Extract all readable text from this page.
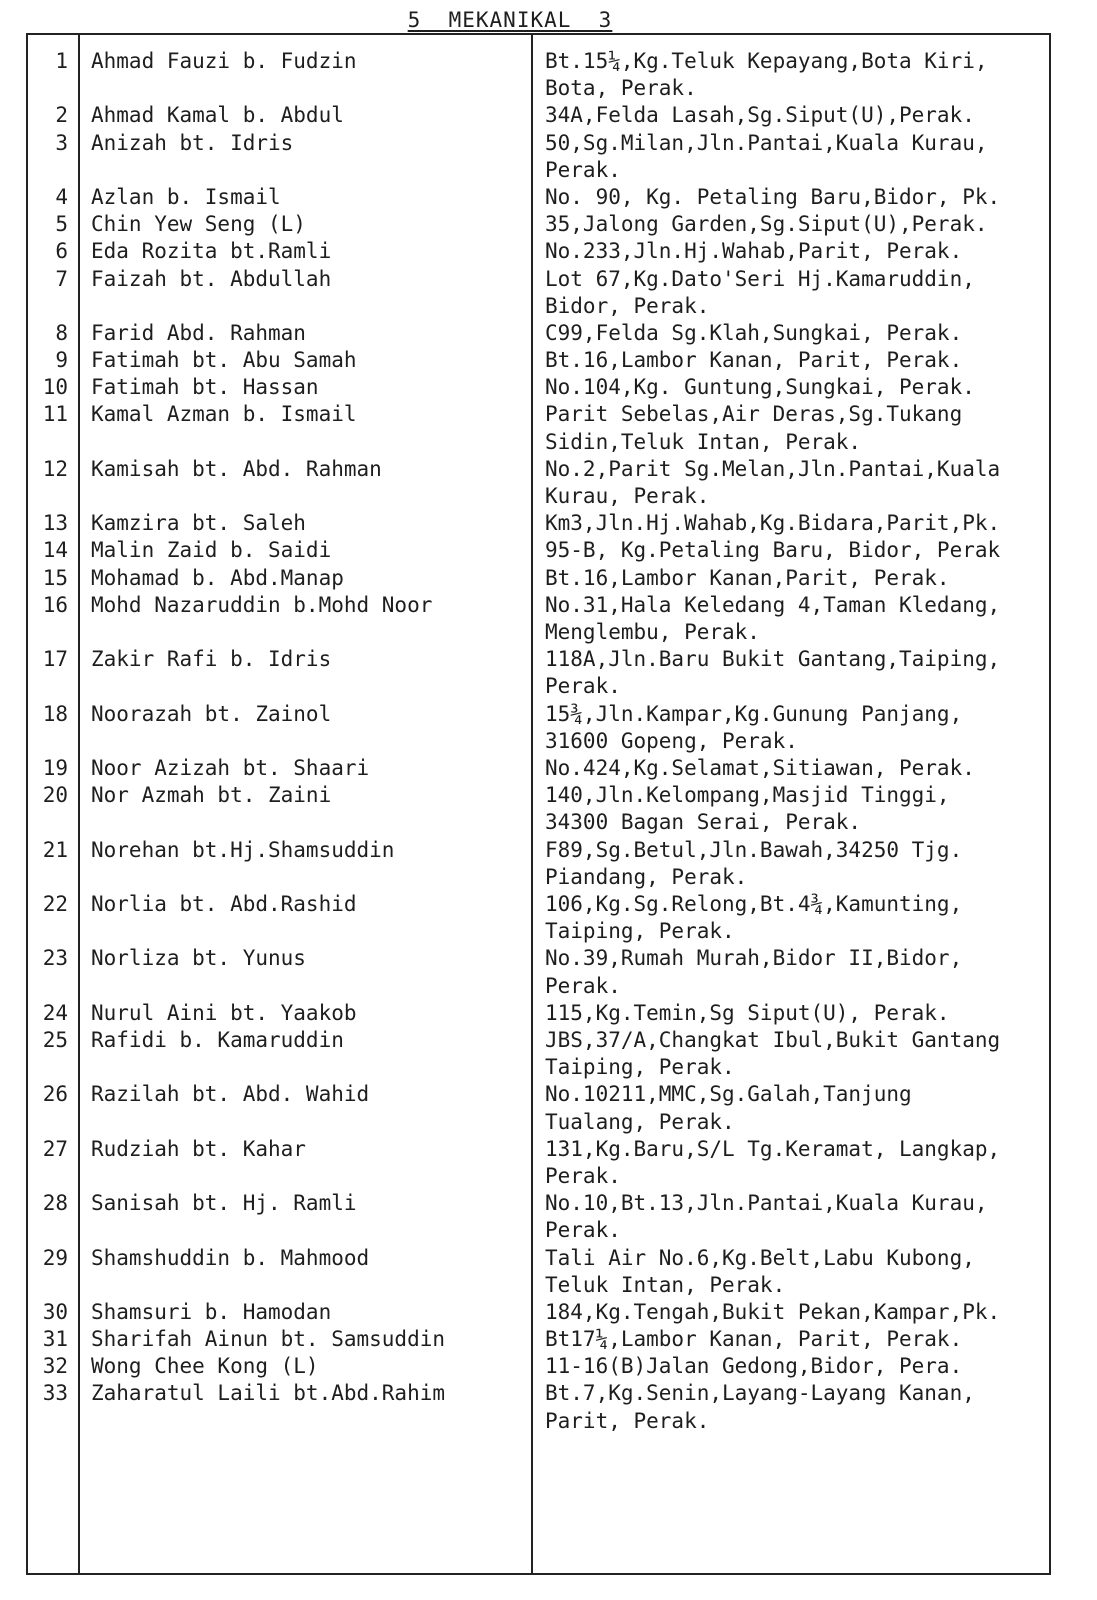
5  MEKANIKAL  3
1 Ahmad Fauzi b. Fudzin	Bt.15¼,Kg.Teluk Kepayang,Bota Kiri,
Bota, Perak.
2 Ahmad Kamal b. Abdul	34A,Felda Lasah,Sg.Siput(U),Perak.
3 Anizah bt. Idris	50,Sg.Milan,Jln.Pantai,Kuala Kurau,
Perak.
4 Azlan b. Ismail	No. 90, Kg. Petaling Baru,Bidor, Pk.
5 Chin Yew Seng (L)	35,Jalong Garden,Sg.Siput(U),Perak.
6 Eda Rozita bt.Ramli	No.233,Jln.Hj.Wahab,Parit, Perak.
7 Faizah bt. Abdullah	Lot 67,Kg.Dato'Seri Hj.Kamaruddin,
Bidor, Perak.
8 Farid Abd. Rahman	C99,Felda Sg.Klah,Sungkai, Perak.
9 Fatimah bt. Abu Samah	Bt.16,Lambor Kanan, Parit, Perak.
10 Fatimah bt. Hassan	No.104,Kg. Guntung,Sungkai, Perak.
11 Kamal Azman b. Ismail	Parit Sebelas,Air Deras,Sg.Tukang
Sidin,Teluk Intan, Perak.
12 Kamisah bt. Abd. Rahman	No.2,Parit Sg.Melan,Jln.Pantai,Kuala
Kurau, Perak.
13 Kamzira bt. Saleh	Km3,Jln.Hj.Wahab,Kg.Bidara,Parit,Pk.
14 Malin Zaid b. Saidi	95-B, Kg.Petaling Baru, Bidor, Perak
15 Mohamad b. Abd.Manap	Bt.16,Lambor Kanan,Parit, Perak.
16 Mohd Nazaruddin b.Mohd Noor	No.31,Hala Keledang 4,Taman Kledang,
Menglembu, Perak.
17 Zakir Rafi b. Idris	118A,Jln.Baru Bukit Gantang,Taiping,
Perak.
18 Noorazah bt. Zainol	15¾,Jln.Kampar,Kg.Gunung Panjang,
31600 Gopeng, Perak.
19 Noor Azizah bt. Shaari	No.424,Kg.Selamat,Sitiawan, Perak.
20 Nor Azmah bt. Zaini	140,Jln.Kelompang,Masjid Tinggi,
34300 Bagan Serai, Perak.
21 Norehan bt.Hj.Shamsuddin	F89,Sg.Betul,Jln.Bawah,34250 Tjg.
Piandang, Perak.
22 Norlia bt. Abd.Rashid	106,Kg.Sg.Relong,Bt.4¾,Kamunting,
Taiping, Perak.
23 Norliza bt. Yunus	No.39,Rumah Murah,Bidor II,Bidor,
Perak.
24 Nurul Aini bt. Yaakob	115,Kg.Temin,Sg Siput(U), Perak.
25 Rafidi b. Kamaruddin	JBS,37/A,Changkat Ibul,Bukit Gantang
Taiping, Perak.
26 Razilah bt. Abd. Wahid	No.10211,MMC,Sg.Galah,Tanjung
Tualang, Perak.
27 Rudziah bt. Kahar	131,Kg.Baru,S/L Tg.Keramat, Langkap,
Perak.
28 Sanisah bt. Hj. Ramli	No.10,Bt.13,Jln.Pantai,Kuala Kurau,
Perak.
29 Shamshuddin b. Mahmood	Tali Air No.6,Kg.Belt,Labu Kubong,
Teluk Intan, Perak.
30 Shamsuri b. Hamodan	184,Kg.Tengah,Bukit Pekan,Kampar,Pk.
31 Sharifah Ainun bt. Samsuddin	Bt17¼,Lambor Kanan, Parit, Perak.
32 Wong Chee Kong (L)	11-16(B)Jalan Gedong,Bidor, Pera.
33 Zaharatul Laili bt.Abd.Rahim	Bt.7,Kg.Senin,Layang-Layang Kanan,
Parit, Perak.
